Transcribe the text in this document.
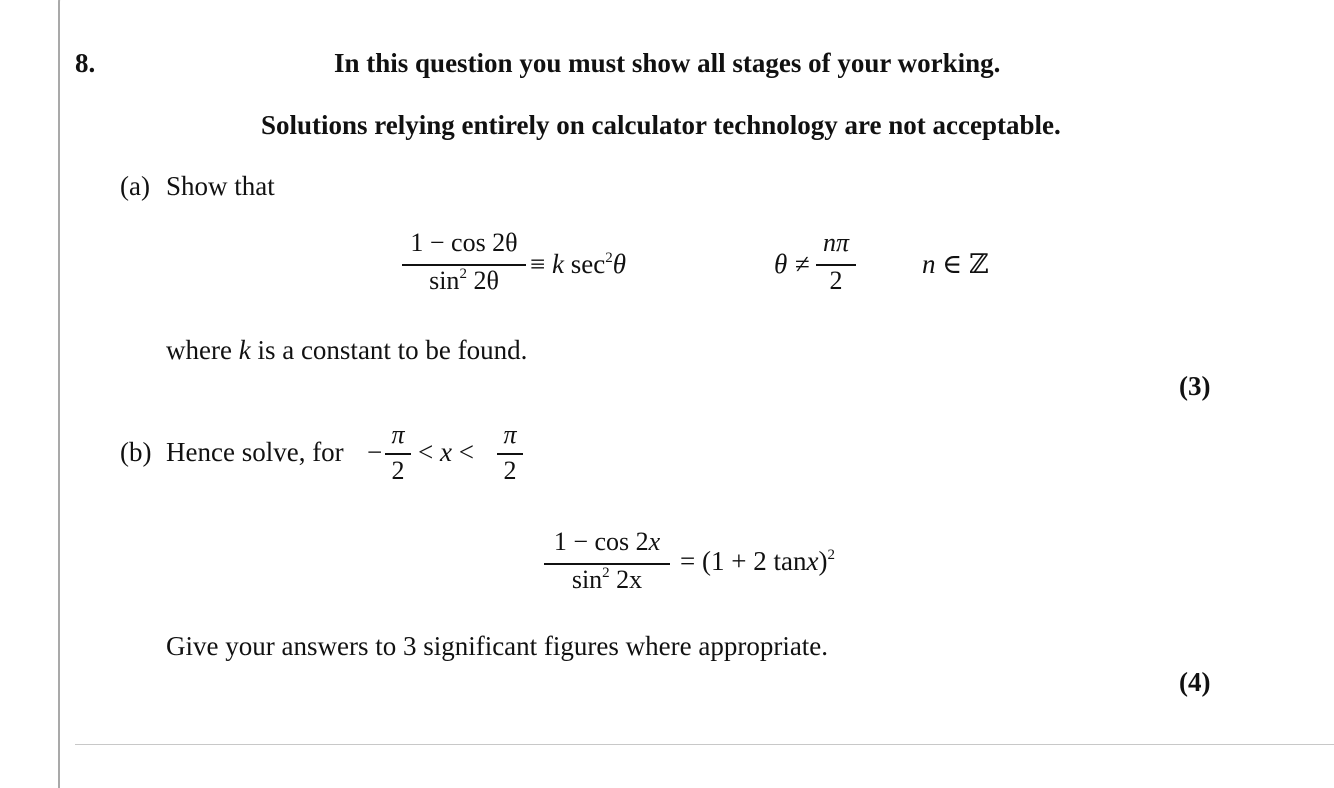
8.	In this question you must show all stages of your working.
Solutions relying entirely on calculator technology are not acceptable.
(a) Show that
1 − cos 2θ
$\sin^2 2\theta$
≡ k $\sec^2\theta$	θ ≠
nπ
2
n ∈ ℤ
where k is a constant to be found.
(3)
(b) Hence solve, for −
π
2
< x <
π
2
1 − cos 2x
$\sin^2 2x$
= (1 + 2 tanx)$^2$
Give your answers to 3 significant figures where appropriate.
(4)
